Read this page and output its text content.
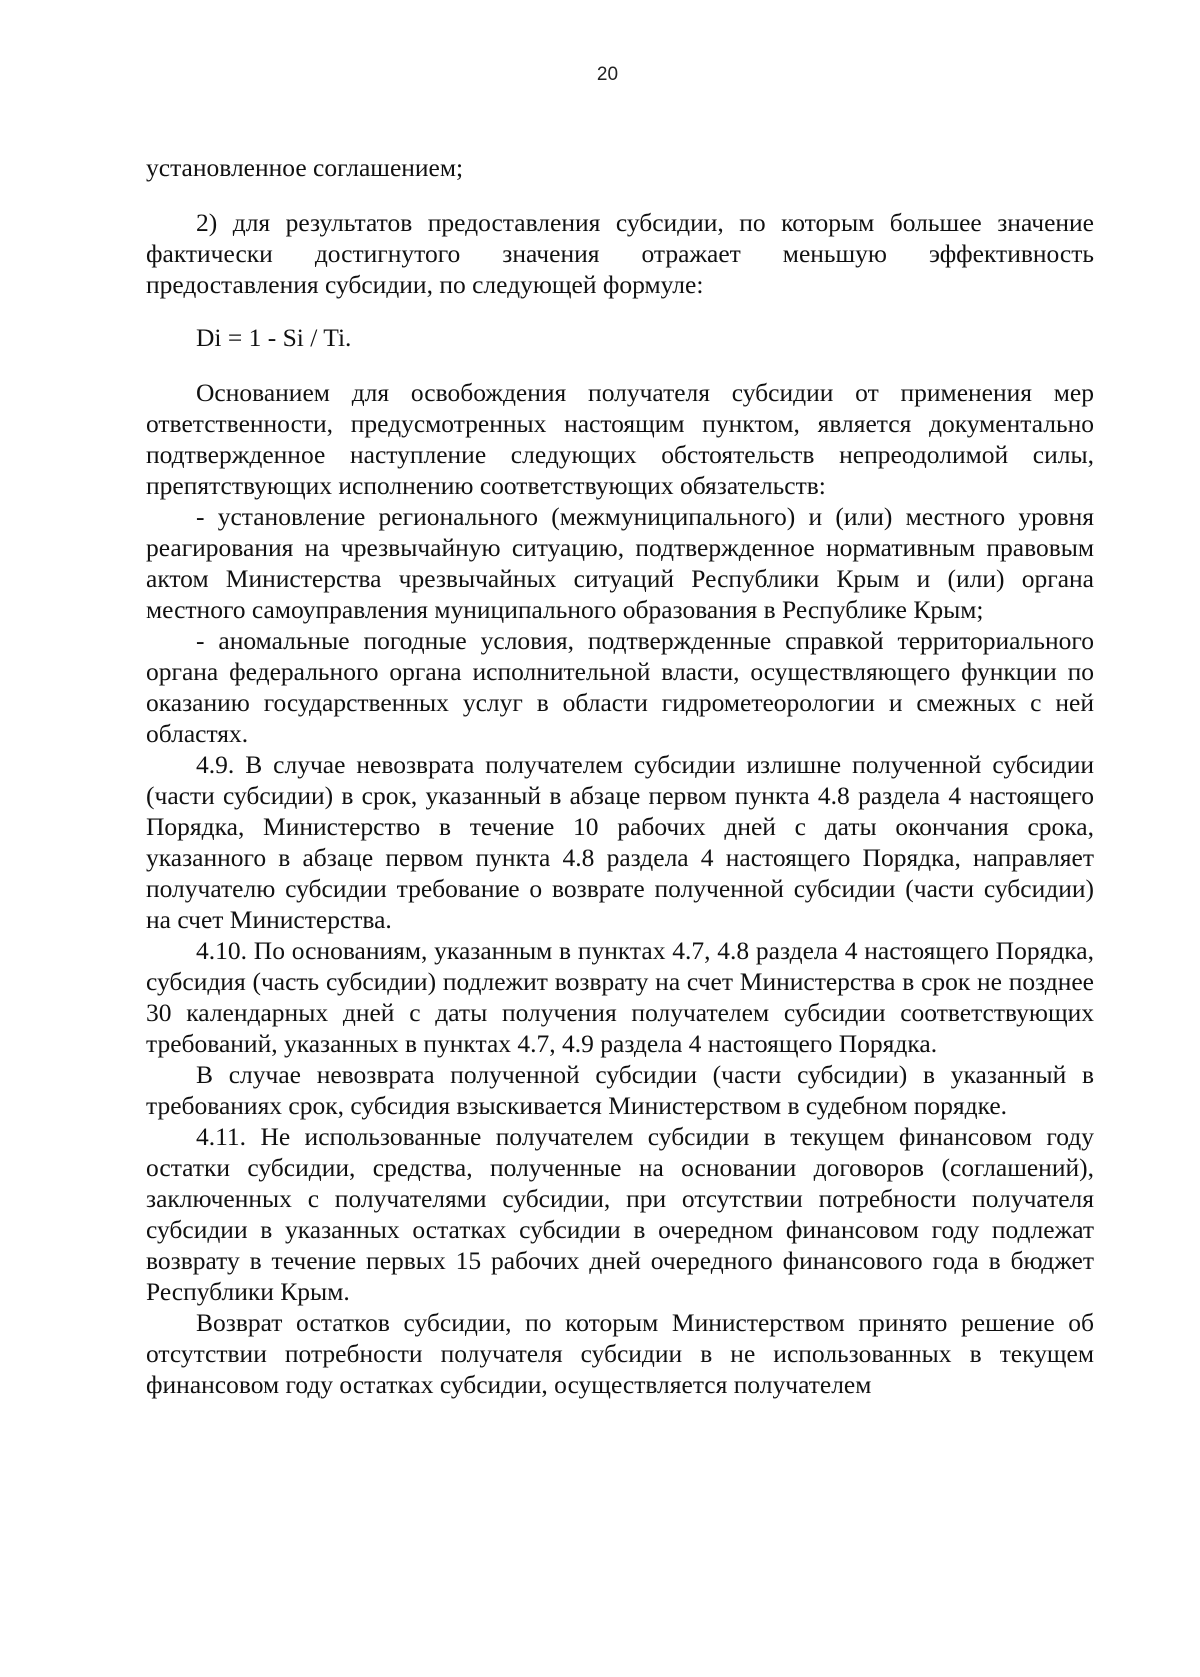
20

установленное соглашением;

2) для результатов предоставления субсидии, по которым большее значение фактически достигнутого значения отражает меньшую эффективность предоставления субсидии, по следующей формуле:

Di = 1 - Si / Ti.

Основанием для освобождения получателя субсидии от применения мер ответственности, предусмотренных настоящим пунктом, является документально подтвержденное наступление следующих обстоятельств непреодолимой силы, препятствующих исполнению соответствующих обязательств:

- установление регионального (межмуниципального) и (или) местного уровня реагирования на чрезвычайную ситуацию, подтвержденное нормативным правовым актом Министерства чрезвычайных ситуаций Республики Крым и (или) органа местного самоуправления муниципального образования в Республике Крым;

- аномальные погодные условия, подтвержденные справкой территориального органа федерального органа исполнительной власти, осуществляющего функции по оказанию государственных услуг в области гидрометеорологии и смежных с ней областях.

4.9. В случае невозврата получателем субсидии излишне полученной субсидии (части субсидии) в срок, указанный в абзаце первом пункта 4.8 раздела 4 настоящего Порядка, Министерство в течение 10 рабочих дней с даты окончания срока, указанного в абзаце первом пункта 4.8 раздела 4 настоящего Порядка, направляет получателю субсидии требование о возврате полученной субсидии (части субсидии) на счет Министерства.

4.10. По основаниям, указанным в пунктах 4.7, 4.8 раздела 4 настоящего Порядка, субсидия (часть субсидии) подлежит возврату на счет Министерства в срок не позднее 30 календарных дней с даты получения получателем субсидии соответствующих требований, указанных в пунктах 4.7, 4.9 раздела 4 настоящего Порядка.

В случае невозврата полученной субсидии (части субсидии) в указанный в требованиях срок, субсидия взыскивается Министерством в судебном порядке.

4.11. Не использованные получателем субсидии в текущем финансовом году остатки субсидии, средства, полученные на основании договоров (соглашений), заключенных с получателями субсидии, при отсутствии потребности получателя субсидии в указанных остатках субсидии в очередном финансовом году подлежат возврату в течение первых 15 рабочих дней очередного финансового года в бюджет Республики Крым.

Возврат остатков субсидии, по которым Министерством принято решение об отсутствии потребности получателя субсидии в не использованных в текущем финансовом году остатках субсидии, осуществляется получателем
